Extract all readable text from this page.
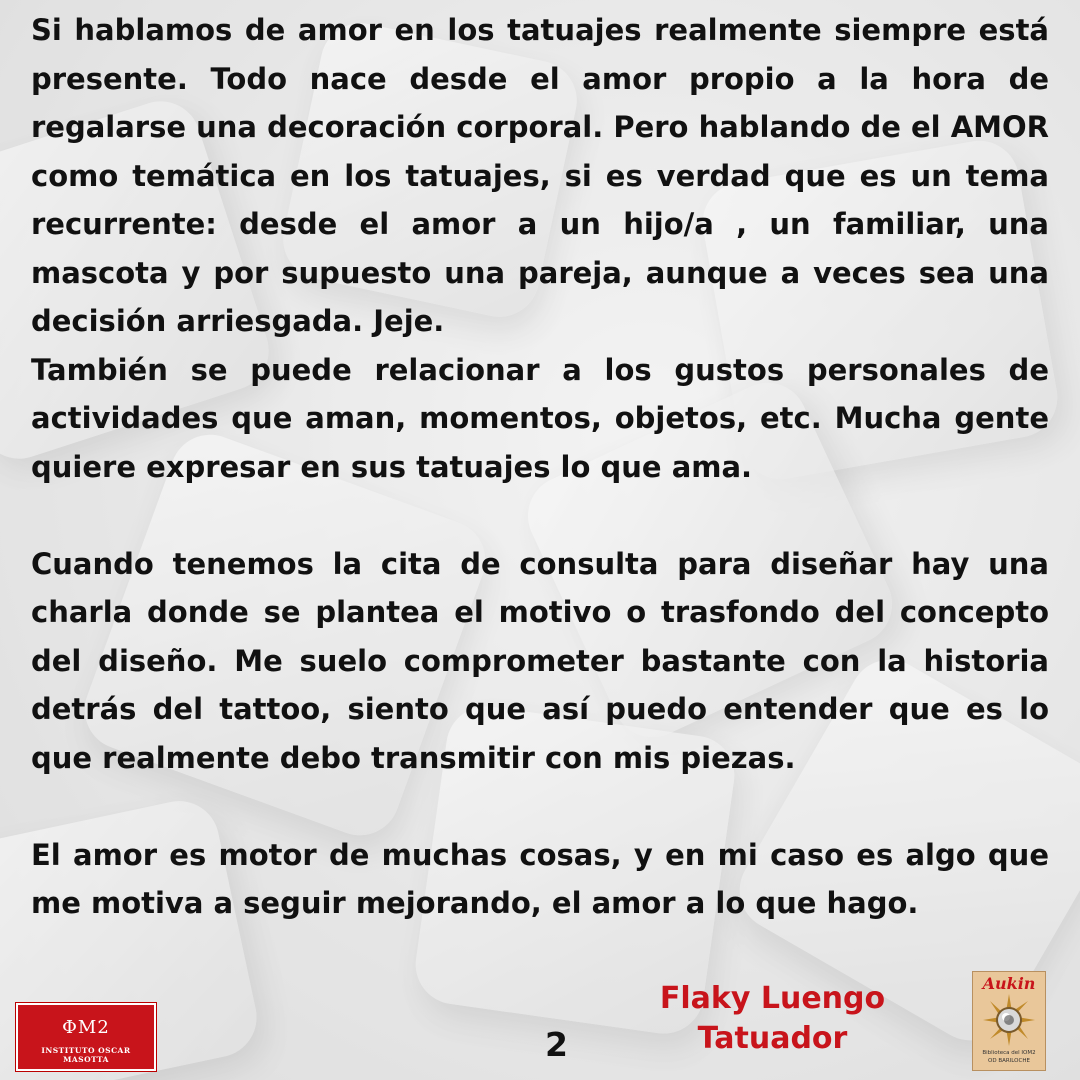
Si hablamos de amor en los tatuajes realmente siempre está presente. Todo nace desde el amor propio a la hora de regalarse una decoración corporal. Pero hablando de el AMOR como temática en los tatuajes, si es verdad que es un tema recurrente: desde el amor a un hijo/a , un familiar, una mascota y por supuesto una pareja, aunque a veces sea una decisión arriesgada. Jeje.

También se puede relacionar a los gustos personales de actividades que aman, momentos, objetos, etc. Mucha gente quiere expresar en sus tatuajes lo que ama.

Cuando tenemos la cita de consulta para diseñar hay una charla donde se plantea el motivo o trasfondo del concepto del diseño. Me suelo comprometer bastante con la historia detrás del tattoo, siento que así puedo entender que es lo que realmente debo transmitir con mis piezas.

El amor es motor de muchas cosas, y en mi caso es algo que me motiva a seguir mejorando, el amor a lo que hago.

ΦM2
INSTITUTO OSCAR MASOTTA	2
Flaky Luengo
Tatuador
Aukin
Biblioteca del IOM2
OD BARILOCHE
